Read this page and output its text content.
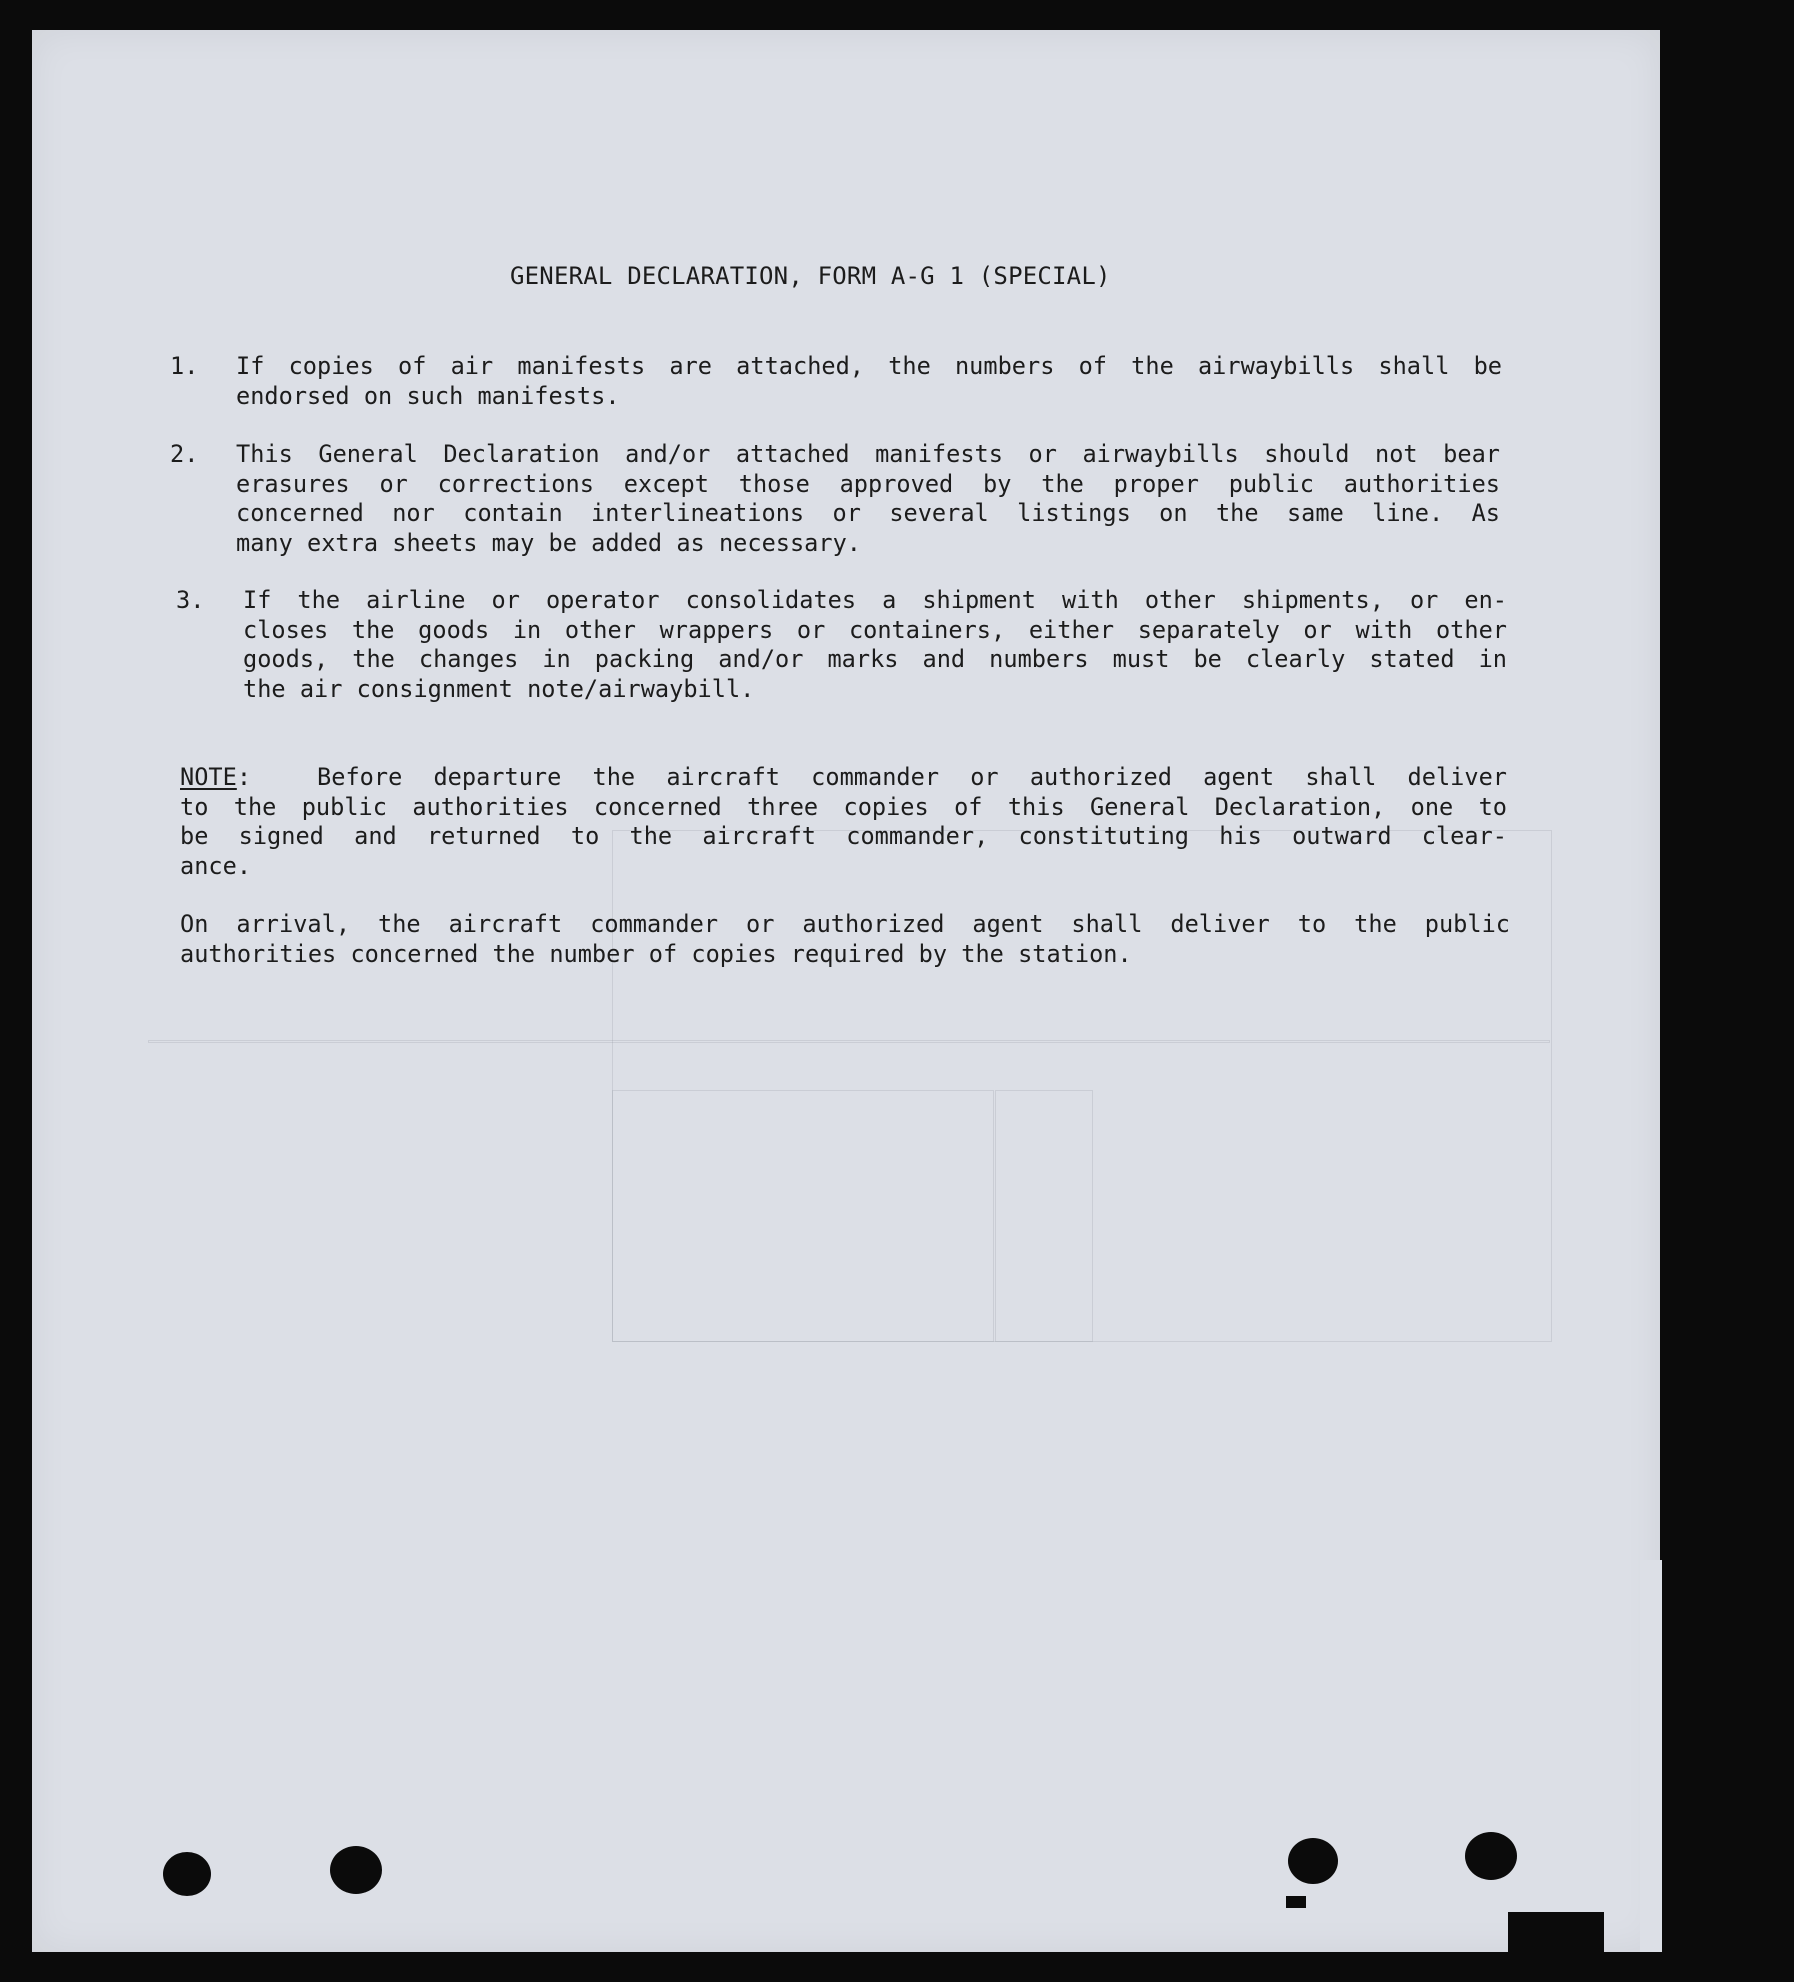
GENERAL DECLARATION, FORM A-G 1 (SPECIAL)
1. If copies of air manifests are attached, the numbers of the airwaybills shall be
endorsed on such manifests.
2. This General Declaration and/or attached manifests or airwaybills should not bear
erasures or corrections except those approved by the proper public authorities
concerned nor contain interlineations or several listings on the same line. As
many extra sheets may be added as necessary.
3. If the airline or operator consolidates a shipment with other shipments, or en-
closes the goods in other wrappers or containers, either separately or with other
goods, the changes in packing and/or marks and numbers must be clearly stated in
the air consignment note/airwaybill.
NOTE:	Before departure the aircraft commander or authorized agent shall deliver
to the public authorities concerned three copies of this General Declaration, one to
be signed and returned to the aircraft commander, constituting his outward clear-
ance.
On arrival, the aircraft commander or authorized agent shall deliver to the public
authorities concerned the number of copies required by the station.
